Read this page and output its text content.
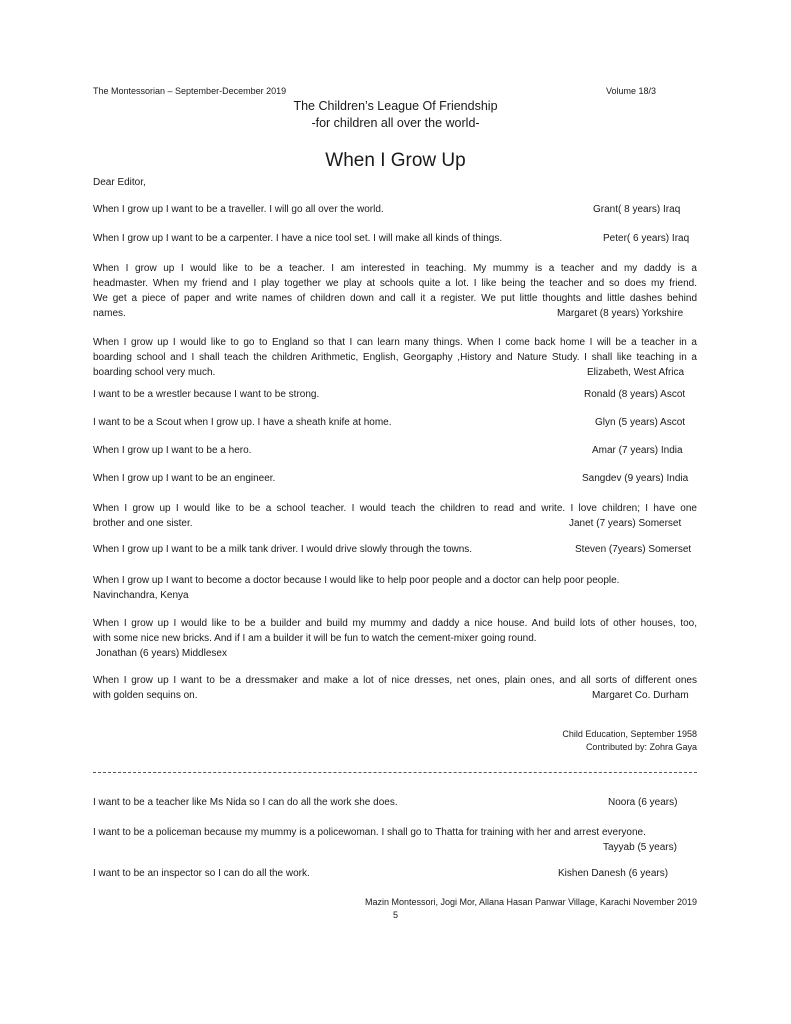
The Montessorian – September-December 2019	Volume 18/3
The Children’s League Of Friendship
-for children all over the world-
When I Grow Up
Dear Editor,
When I grow up I want to be a traveller. I will go all over the world.	Grant( 8 years) Iraq
When I grow up I want to be a carpenter. I have a nice tool set. I will make all kinds of things.	Peter( 6 years) Iraq
When I grow up I would like to be a teacher. I am interested in teaching. My mummy is a teacher and my daddy is a
headmaster. When my friend and I play together we play at schools quite a lot. I like being the teacher and so does my friend.
We get a piece of paper and write names of children down and call it a register. We put little thoughts and little dashes behind
names.	Margaret (8 years) Yorkshire
When I grow up I would like to go to England so that I can learn many things. When I come back home I will be a teacher in a
boarding school and I shall teach the children Arithmetic, English, Georgaphy ,History and Nature Study. I shall like teaching in a
boarding school very much.	Elizabeth, West Africa
I want to be a wrestler because I want to be strong.	Ronald (8 years) Ascot
I want to be a Scout when I grow up. I have a sheath knife at home.	Glyn (5 years) Ascot
When I grow up I want to be a hero.	Amar (7 years) India
When I grow up I want to be an engineer.	Sangdev (9 years) India
When I grow up I would like to be a school teacher. I would teach the children to read and write. I love children; I have one
brother and one sister.	Janet (7 years) Somerset
When I grow up I want to be a milk tank driver. I would drive slowly through the towns.	Steven (7years) Somerset
When I grow up I want to become a doctor because I would like to help poor people and a doctor can help poor people.
Navinchandra, Kenya
When I grow up I would like to be a builder and build my mummy and daddy a nice house. And build lots of other houses, too,
with some nice new bricks. And if I am a builder it will be fun to watch the cement-mixer going round.
Jonathan (6 years) Middlesex
When I grow up I want to be a dressmaker and make a lot of nice dresses, net ones, plain ones, and all sorts of different ones
with golden sequins on.	Margaret Co. Durham
Child Education, September 1958
Contributed by: Zohra Gaya
I want to be a teacher like Ms Nida so I can do all the work she does.	Noora (6 years)
I want to be a policeman because my mummy is a policewoman. I shall go to Thatta for training with her and arrest everyone.
Tayyab (5 years)
I want to be an inspector so I can do all the work.	Kishen Danesh (6 years)
Mazin Montessori, Jogi Mor, Allana Hasan Panwar Village, Karachi November 2019
5
